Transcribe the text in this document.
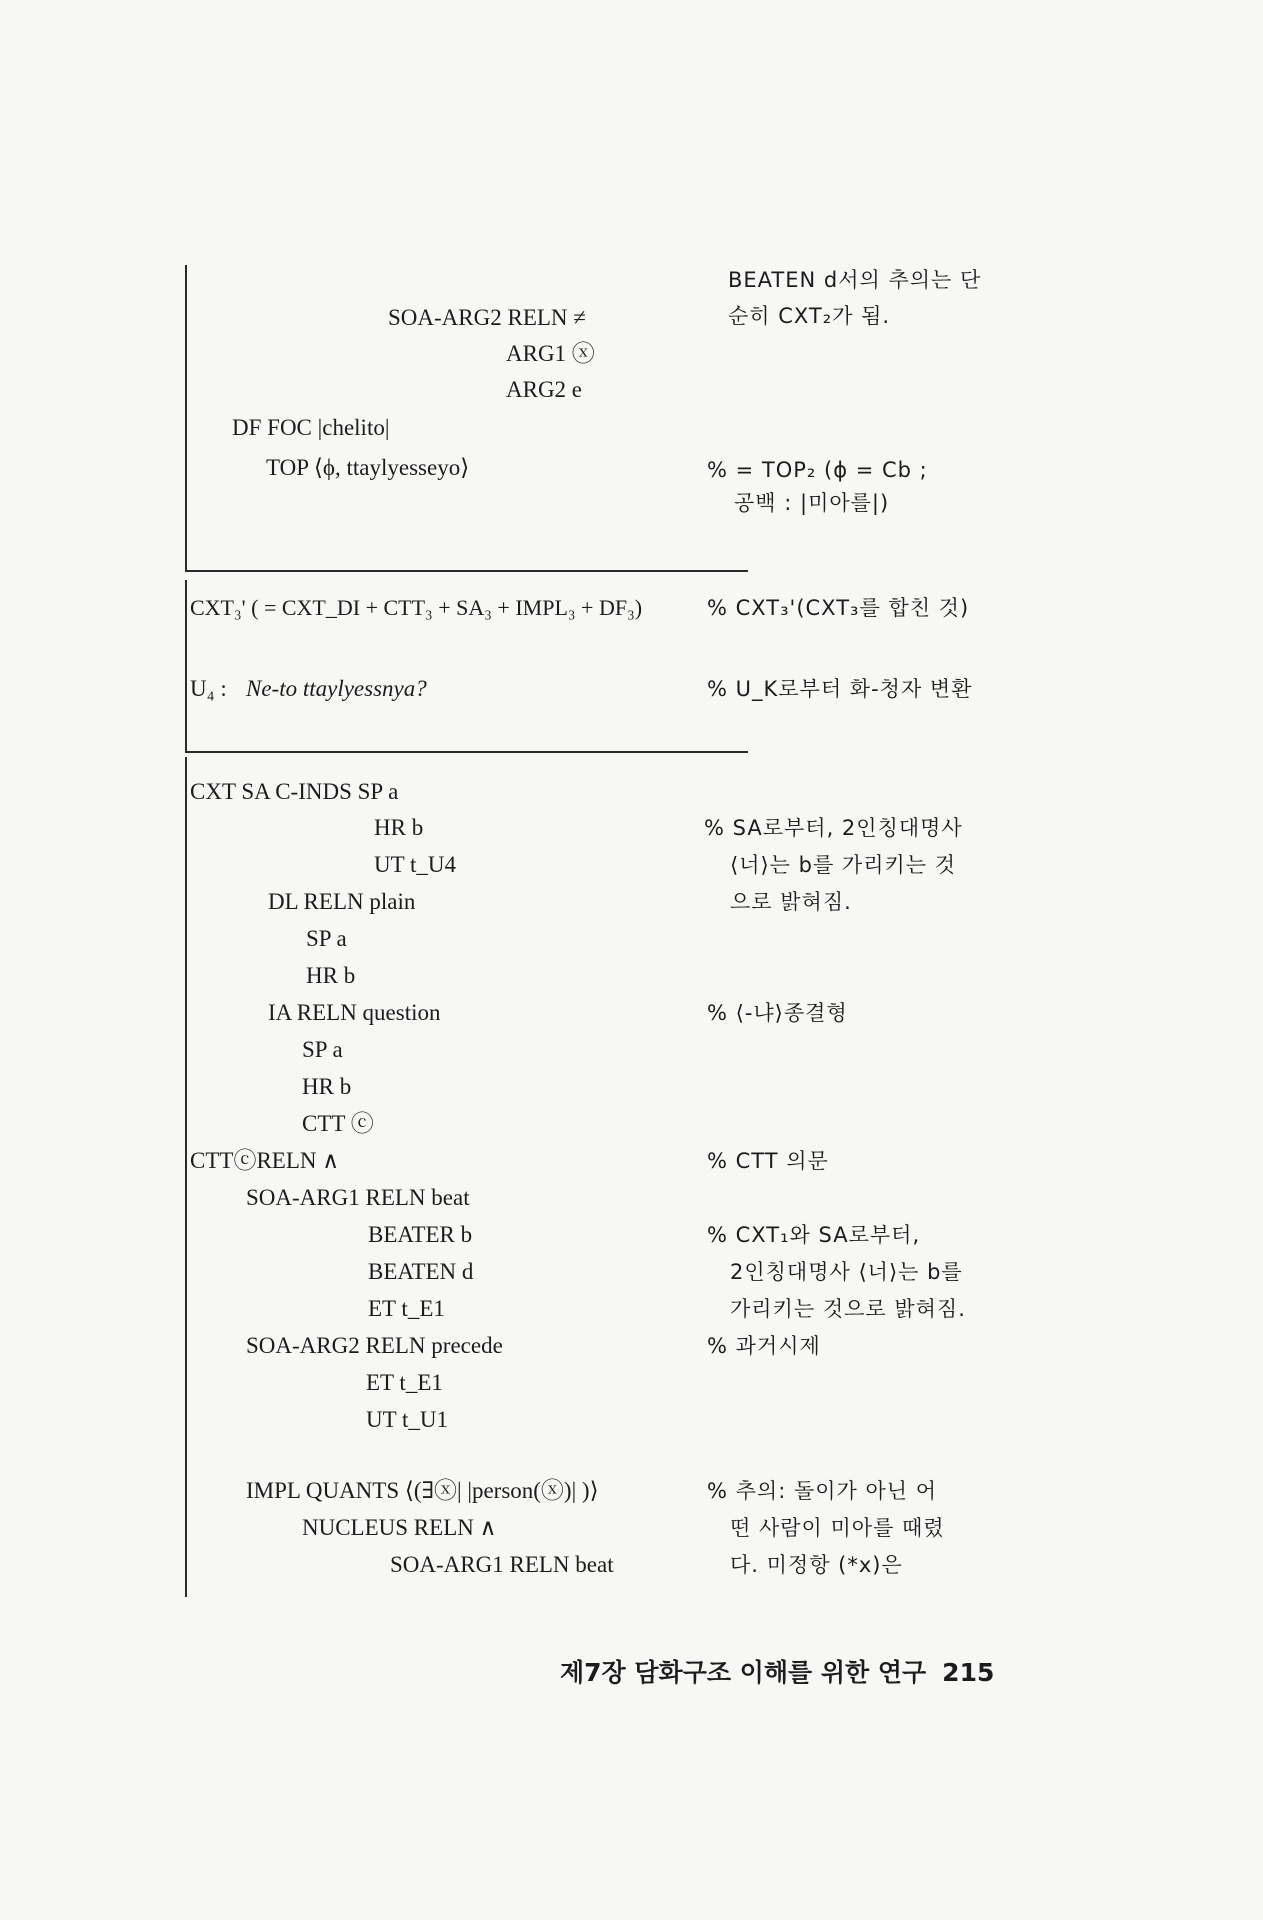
SOA-ARG2 RELN ≠
ARG1 ⓧ
ARG2 e
DF FOC |chelito|
TOP ⟨ϕ, ttaylyesseyo⟩
BEATEN d서의 추의는 단
순히 CXT₂가 됨.
% = TOP₂ (ϕ = Cb ;
공백 : |미아를|)
CXT₃' ( = CXT_DI + CTT₃ + SA₃ + IMPL₃ + DF₃)	% CXT₃'(CXT₃를 합친 것)
U₄ : Ne-to ttaylyessnya?	% U_K로부터 화-청자 변환
CXT SA C-INDS SP a
HR b
UT t_U4
DL RELN plain
SP a
HR b
IA RELN question
SP a
HR b
CTT ⓒ
CTTⓒRELN ∧
SOA-ARG1 RELN beat
BEATER b
BEATEN d
ET t_E1
SOA-ARG2 RELN precede
ET t_E1
UT t_U1
IMPL QUANTS ⟨(∃ⓧ| |person(ⓧ)| )⟩
NUCLEUS RELN ∧
SOA-ARG1 RELN beat
% SA로부터, 2인칭대명사
⟨너⟩는 b를 가리키는 것
으로 밝혀짐.
% ⟨-냐⟩종결형
% CTT 의문
% CXT₁와 SA로부터,
2인칭대명사 ⟨너⟩는 b를
가리키는 것으로 밝혀짐.
% 과거시제
% 추의: 돌이가 아닌 어
떤 사람이 미아를 때렸
다. 미정항 (*x)은
제7장 담화구조 이해를 위한 연구 215
